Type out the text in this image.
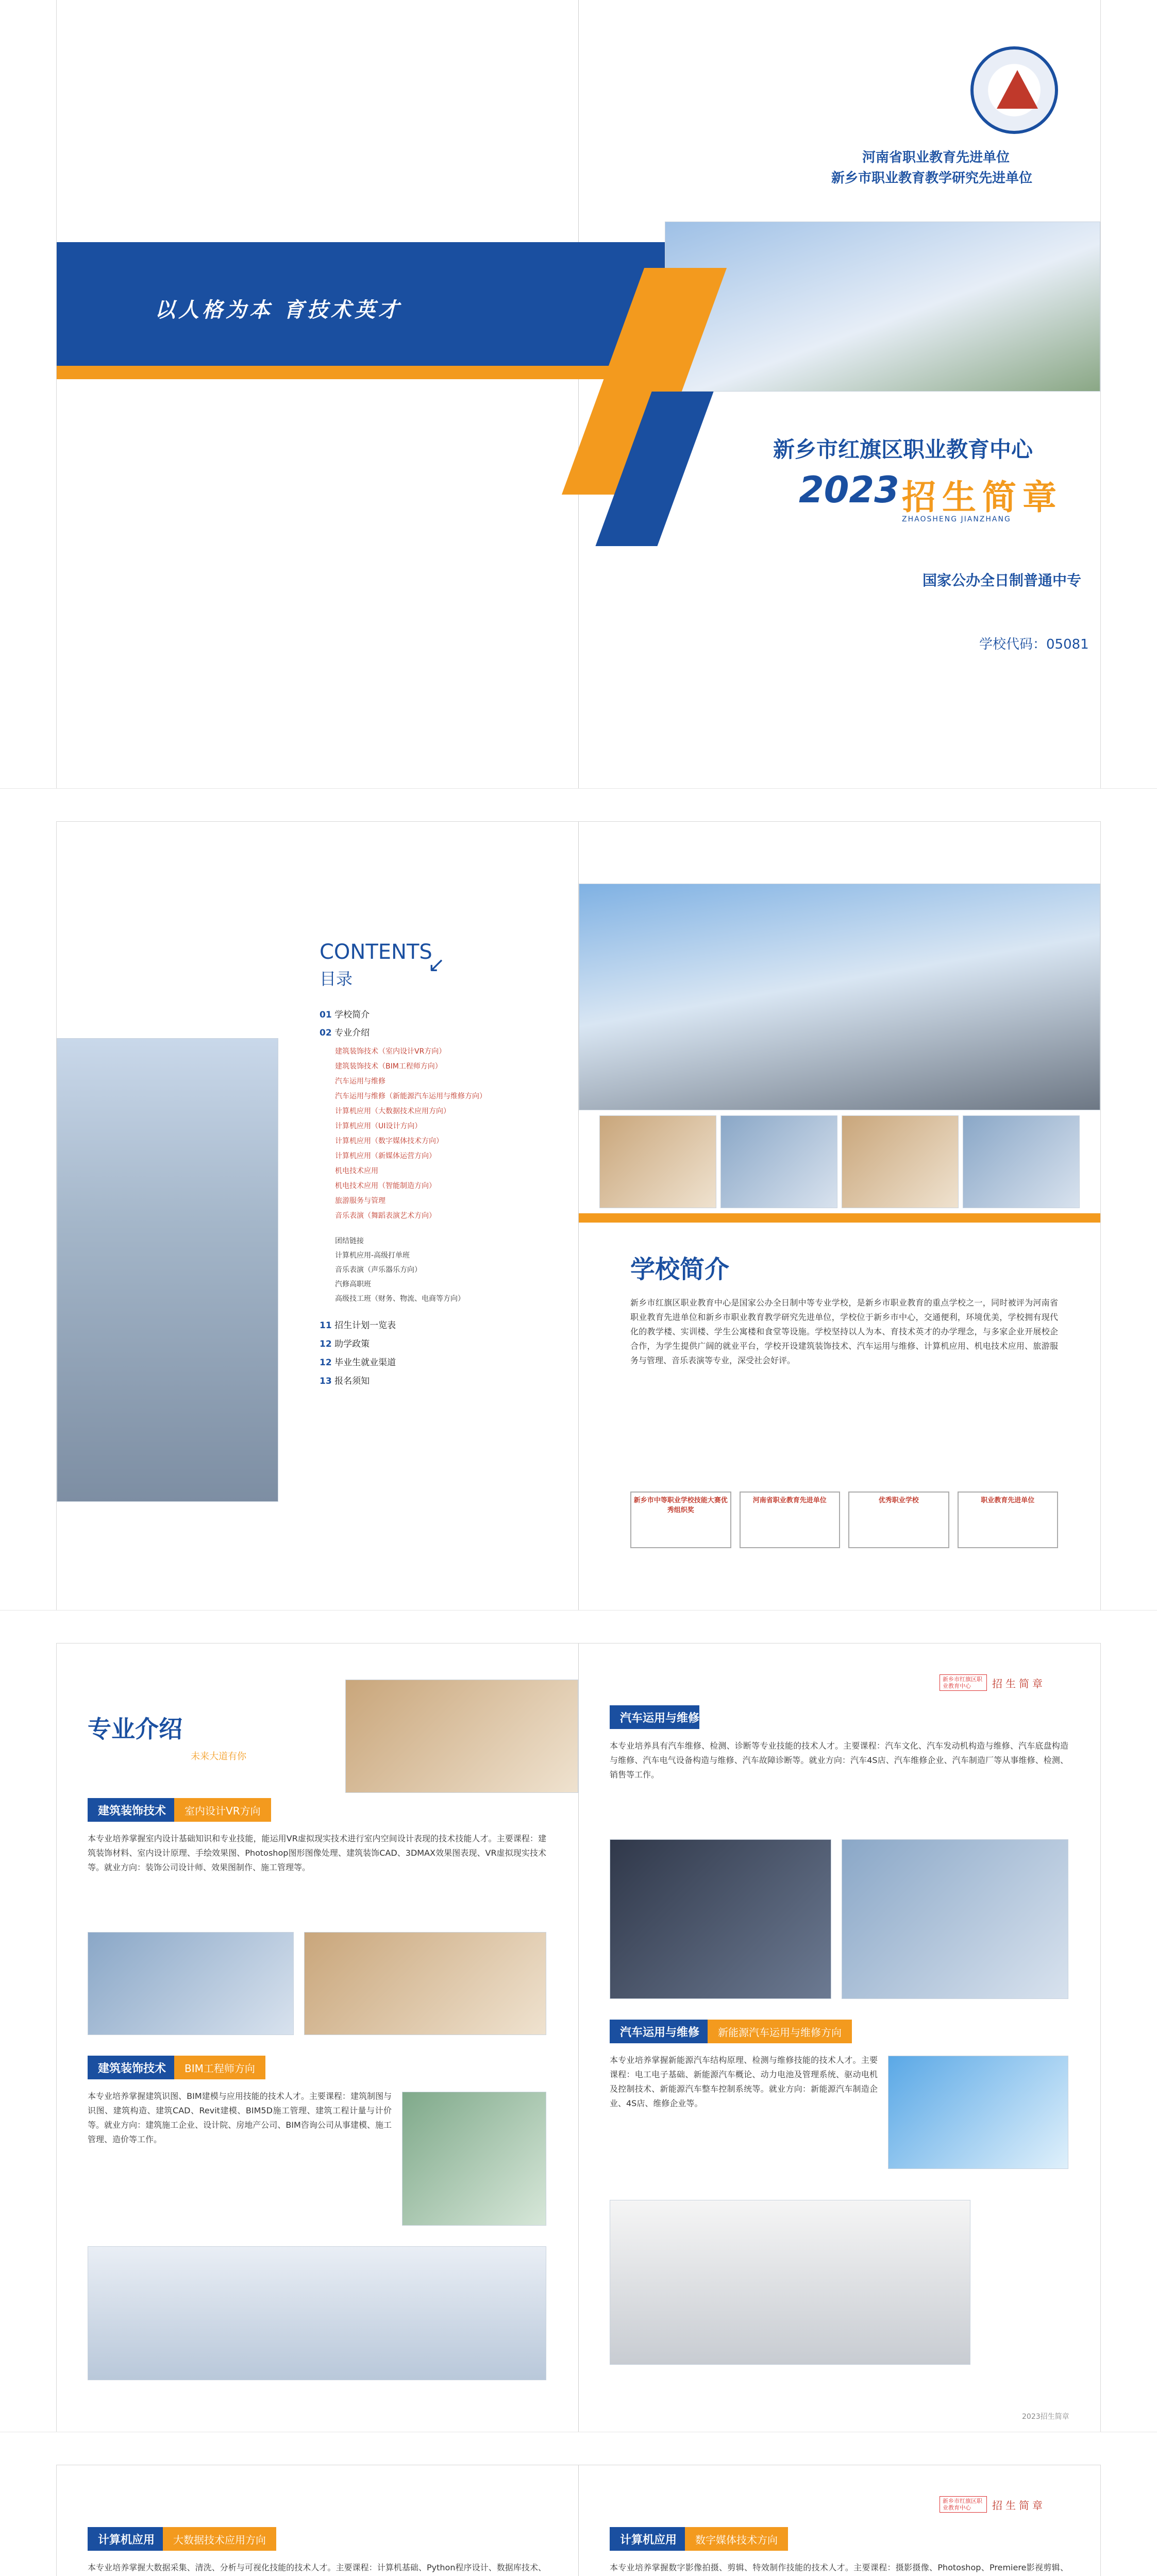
河南省职业教育先进单位
新乡市职业教育教学研究先进单位
以人格为本 育技术英才
新乡市红旗区职业教育中心
2023 招生简章
ZHAOSHENG JIANZHANG
国家公办全日制普通中专
学校代码：05081
CONTENTS
目录
↙
01 学校简介
02 专业介绍
建筑装饰技术（室内设计VR方向）
建筑装饰技术（BIM工程师方向）
汽车运用与维修
汽车运用与维修（新能源汽车运用与维修方向）
计算机应用（大数据技术应用方向）
计算机应用（UI设计方向）
计算机应用（数字媒体技术方向）
计算机应用（新媒体运营方向）
机电技术应用
机电技术应用（智能制造方向）
旅游服务与管理
音乐表演（舞蹈表演艺术方向）
团结链接
计算机应用-高级打单班
音乐表演（声乐器乐方向）
汽修高职班
高级技工班（财务、物流、电商等方向）
11 招生计划一览表
12 助学政策
12 毕业生就业渠道
13 报名须知
学校简介
新乡市红旗区职业教育中心是国家公办全日制中等专业学校，是新乡市职业教育的重点学校之一，同时被评为河南省职业教育先进单位和新乡市职业教育教学研究先进单位，学校位于新乡市中心，交通便利，环境优美，学校拥有现代化的教学楼、实训楼、学生公寓楼和食堂等设施。学校坚持以人为本、育技术英才的办学理念，与多家企业开展校企合作，为学生提供广阔的就业平台，学校开设建筑装饰技术、汽车运用与维修、计算机应用、机电技术应用、旅游服务与管理、音乐表演等专业，深受社会好评。
新乡市中等职业学校技能大赛优秀组织奖
河南省职业教育先进单位	优秀职业学校	职业教育先进单位
专业介绍
未来大道有你
建筑装饰技术	室内设计VR方向
本专业培养掌握室内设计基础知识和专业技能，能运用VR虚拟现实技术进行室内空间设计表现的技术技能人才。主要课程：建筑装饰材料、室内设计原理、手绘效果图、Photoshop图形图像处理、建筑装饰CAD、3DMAX效果图表现、VR虚拟现实技术等。就业方向：装饰公司设计师、效果图制作、施工管理等。
建筑装饰技术	BIM工程师方向
本专业培养掌握建筑识图、BIM建模与应用技能的技术人才。主要课程：建筑制图与识图、建筑构造、建筑CAD、Revit建模、BIM5D施工管理、建筑工程计量与计价等。就业方向：建筑施工企业、设计院、房地产公司、BIM咨询公司从事建模、施工管理、造价等工作。
新乡市红旗区职业教育中心	招生简章
汽车运用与维修
本专业培养具有汽车维修、检测、诊断等专业技能的技术人才。主要课程：汽车文化、汽车发动机构造与维修、汽车底盘构造与维修、汽车电气设备构造与维修、汽车故障诊断等。就业方向：汽车4S店、汽车维修企业、汽车制造厂等从事维修、检测、销售等工作。
汽车运用与维修	新能源汽车运用与维修方向
本专业培养掌握新能源汽车结构原理、检测与维修技能的技术人才。主要课程：电工电子基础、新能源汽车概论、动力电池及管理系统、驱动电机及控制技术、新能源汽车整车控制系统等。就业方向：新能源汽车制造企业、4S店、维修企业等。
2023招生简章
计算机应用	大数据技术应用方向
本专业培养掌握大数据采集、清洗、分析与可视化技能的技术人才。主要课程：计算机基础、Python程序设计、数据库技术、
新乡市红旗区职业教育中心	招生简章
计算机应用	数字媒体技术方向
本专业培养掌握数字影像拍摄、剪辑、特效制作技能的技术人才。主要课程：摄影摄像、Photoshop、Premiere影视剪辑、
